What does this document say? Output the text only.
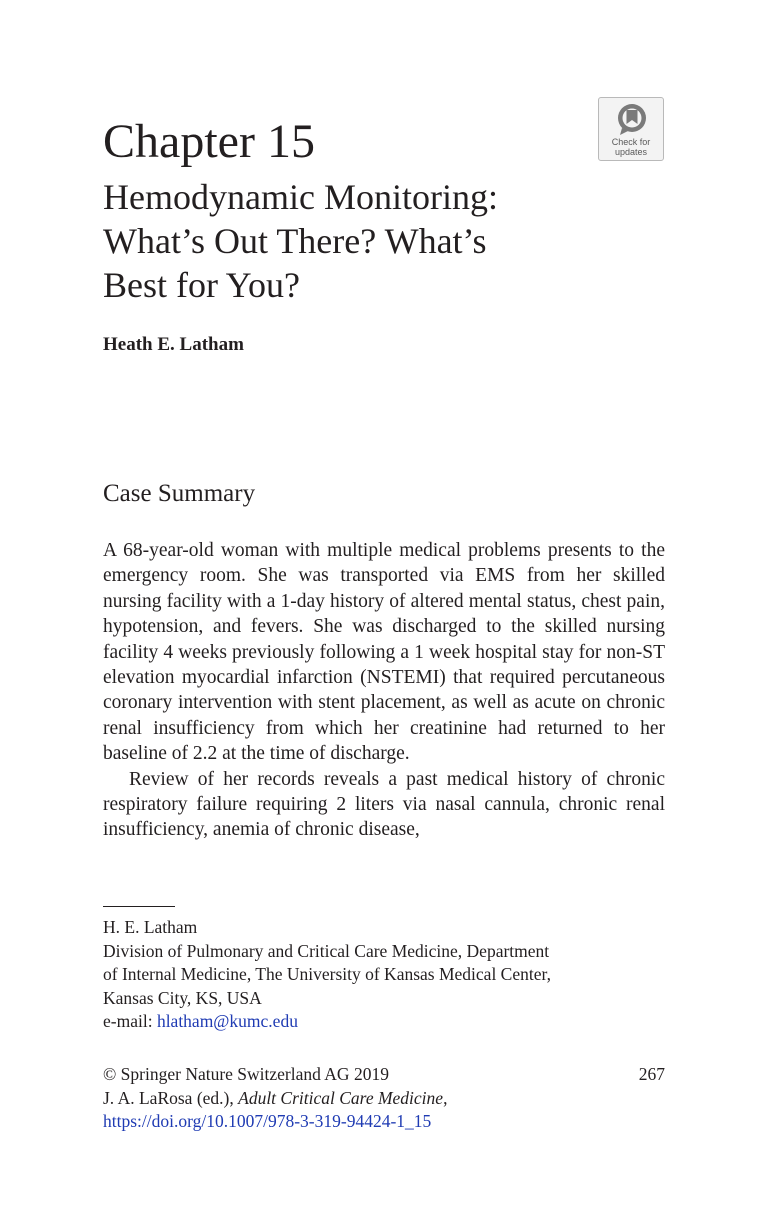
Chapter 15
Hemodynamic Monitoring:
What’s Out There? What’s
Best for You?
Check for
updates
Heath E. Latham
Case Summary

A 68-year-old woman with multiple medical problems presents to the emergency room. She was transported via EMS from her skilled nursing facility with a 1-day history of altered mental status, chest pain, hypotension, and fevers. She was discharged to the skilled nursing facility 4 weeks previously following a 1 week hospital stay for non-ST elevation myocardial infarction (NSTEMI) that required percutaneous coronary intervention with stent placement, as well as acute on chronic renal insufficiency from which her creatinine had returned to her baseline of 2.2 at the time of discharge.

Review of her records reveals a past medical history of chronic respiratory failure requiring 2 liters via nasal cannula, chronic renal insufficiency, anemia of chronic disease,

H. E. Latham
Division of Pulmonary and Critical Care Medicine, Department
of Internal Medicine, The University of Kansas Medical Center,
Kansas City, KS, USA
e-mail: hlatham@kumc.edu
© Springer Nature Switzerland AG 2019	267
J. A. LaRosa (ed.), Adult Critical Care Medicine,
https://doi.org/10.1007/978-3-319-94424-1_15
